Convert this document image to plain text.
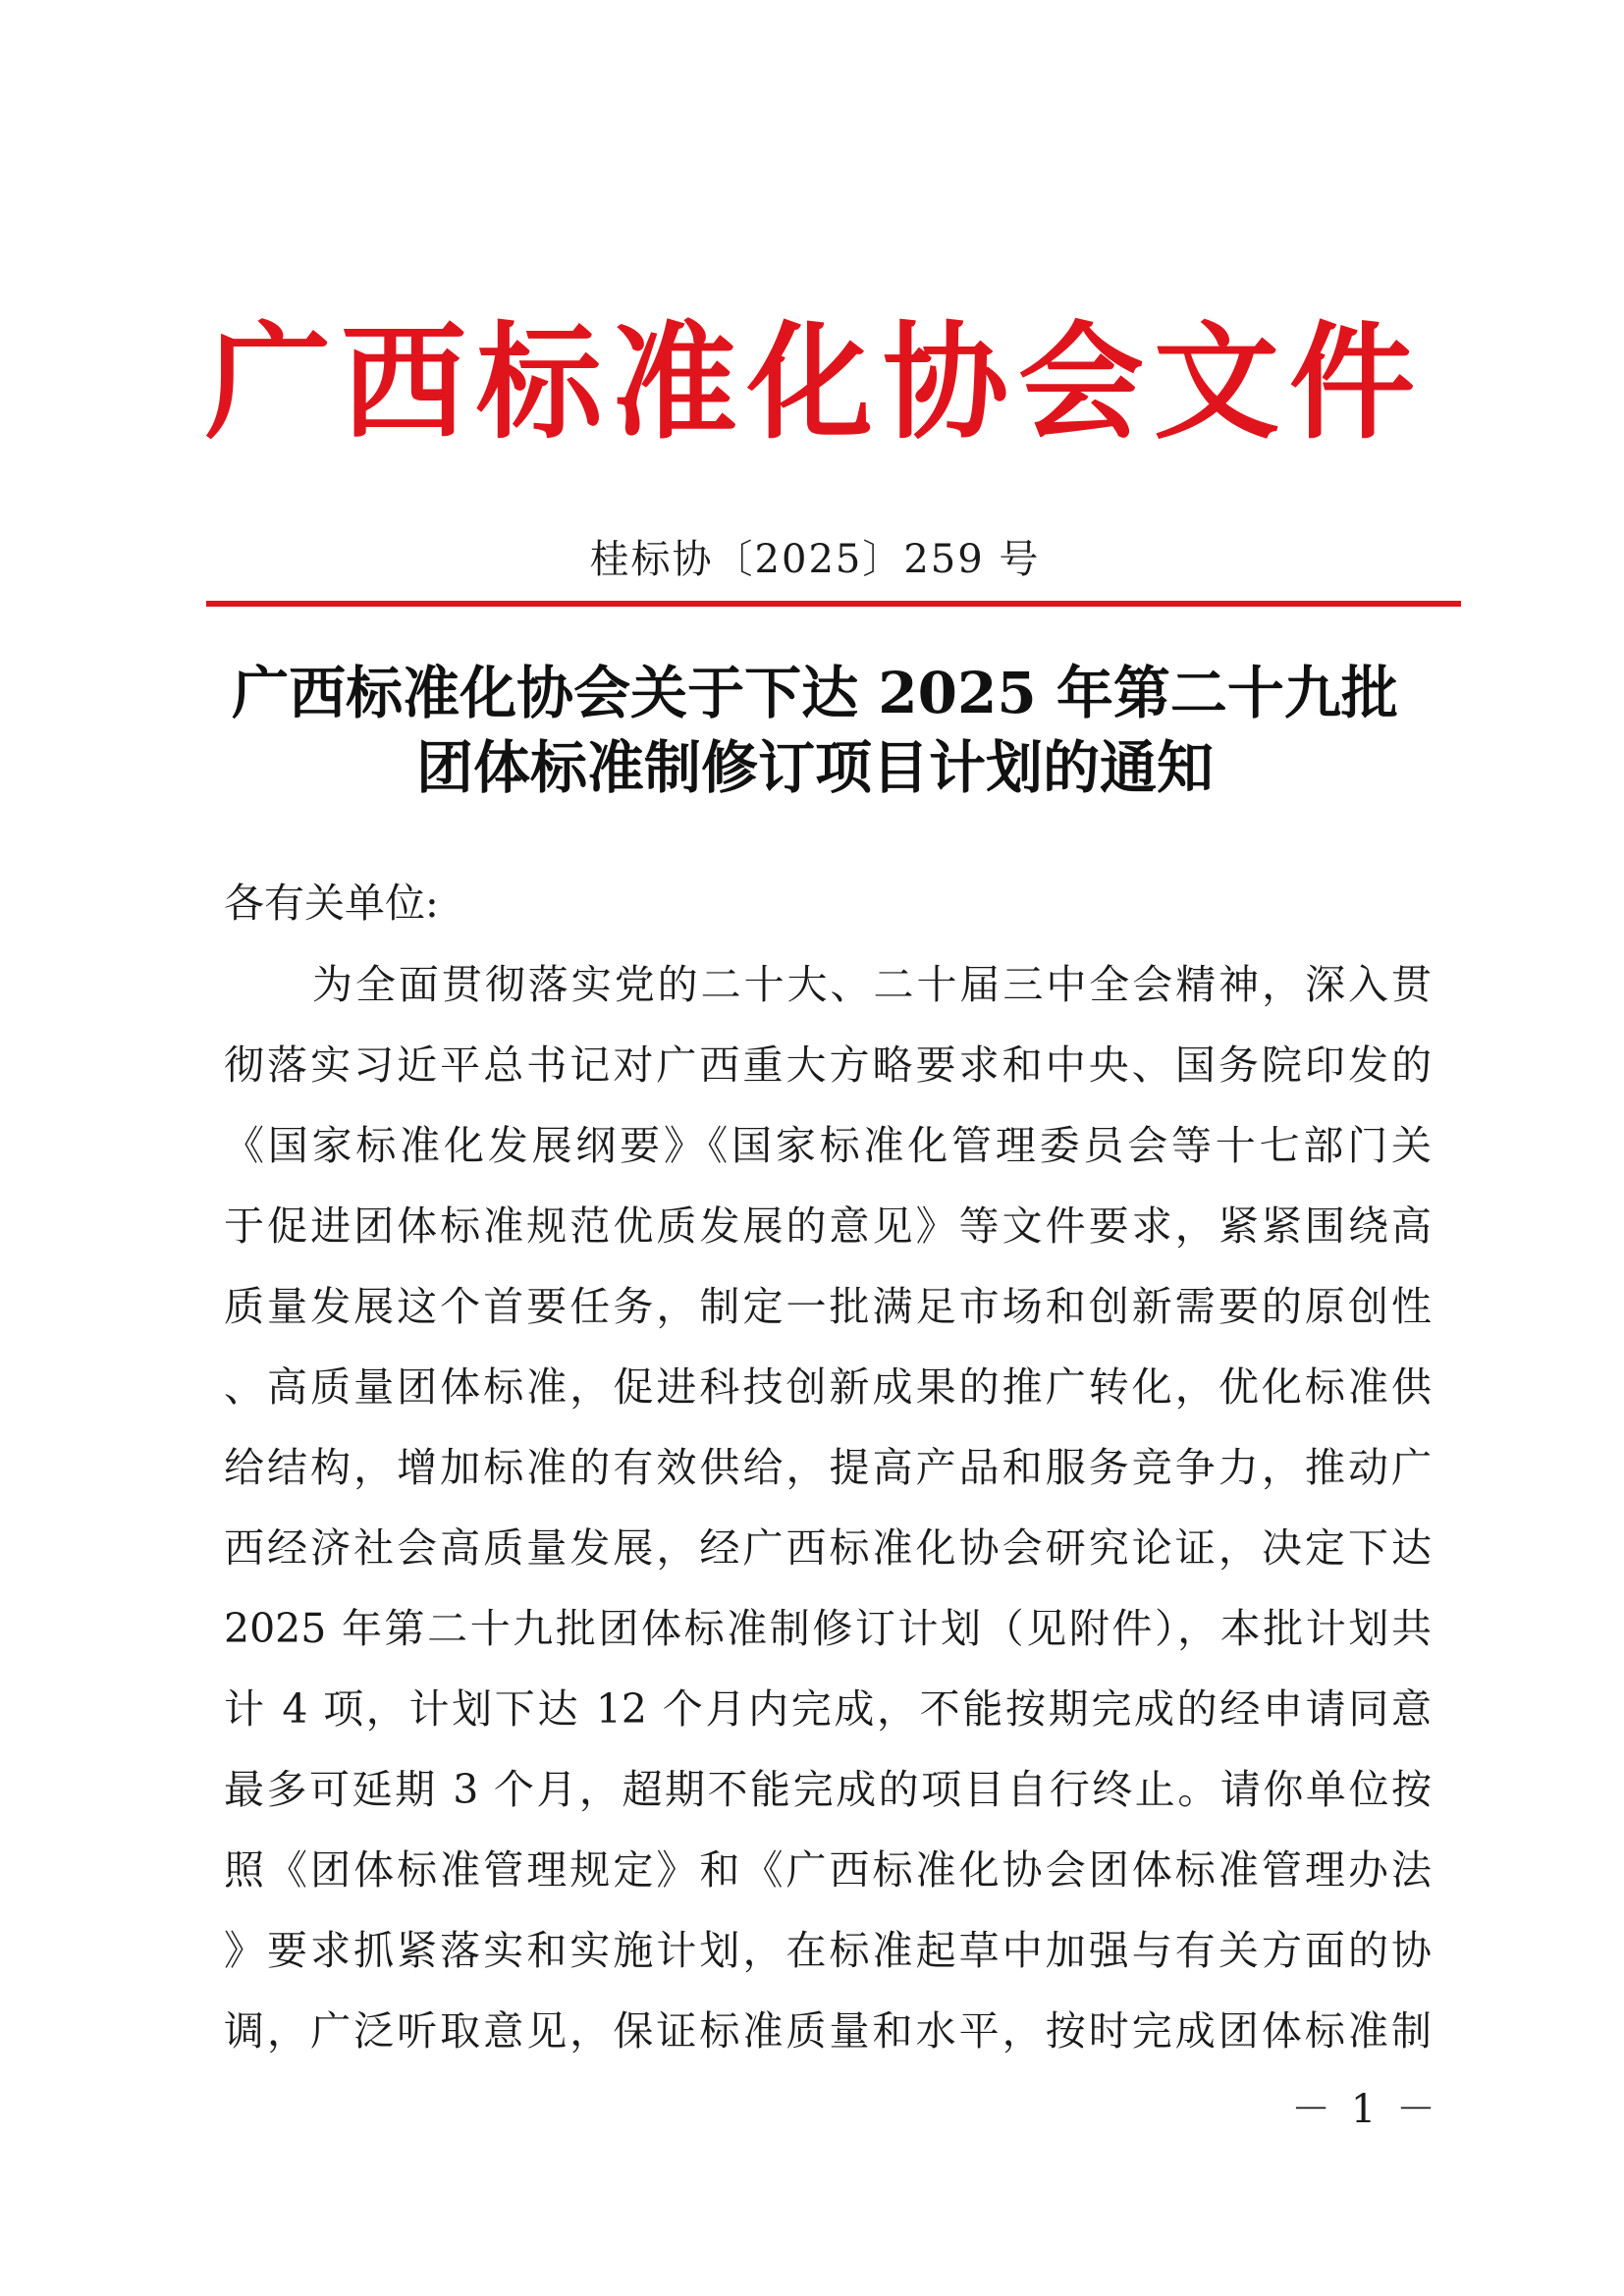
广西标准化协会文件
桂标协〔2025〕259 号
广西标准化协会关于下达 2025 年第二十九批
团体标准制修订项目计划的通知
各有关单位:
为全面贯彻落实党的二十大、二十届三中全会精神，深入贯
彻落实习近平总书记对广西重大方略要求和中央、国务院印发的
《国家标准化发展纲要》《国家标准化管理委员会等十七部门关
于促进团体标准规范优质发展的意见》等文件要求，紧紧围绕高
质量发展这个首要任务，制定一批满足市场和创新需要的原创性
、高质量团体标准，促进科技创新成果的推广转化，优化标准供
给结构，增加标准的有效供给，提高产品和服务竞争力，推动广
西经济社会高质量发展，经广西标准化协会研究论证，决定下达
2025 年第二十九批团体标准制修订计划（见附件），本批计划共
计 4 项，计划下达 12 个月内完成，不能按期完成的经申请同意
最多可延期 3 个月，超期不能完成的项目自行终止。请你单位按
照《团体标准管理规定》和《广西标准化协会团体标准管理办法
》要求抓紧落实和实施计划，在标准起草中加强与有关方面的协
调，广泛听取意见，保证标准质量和水平，按时完成团体标准制
－ 1 －
